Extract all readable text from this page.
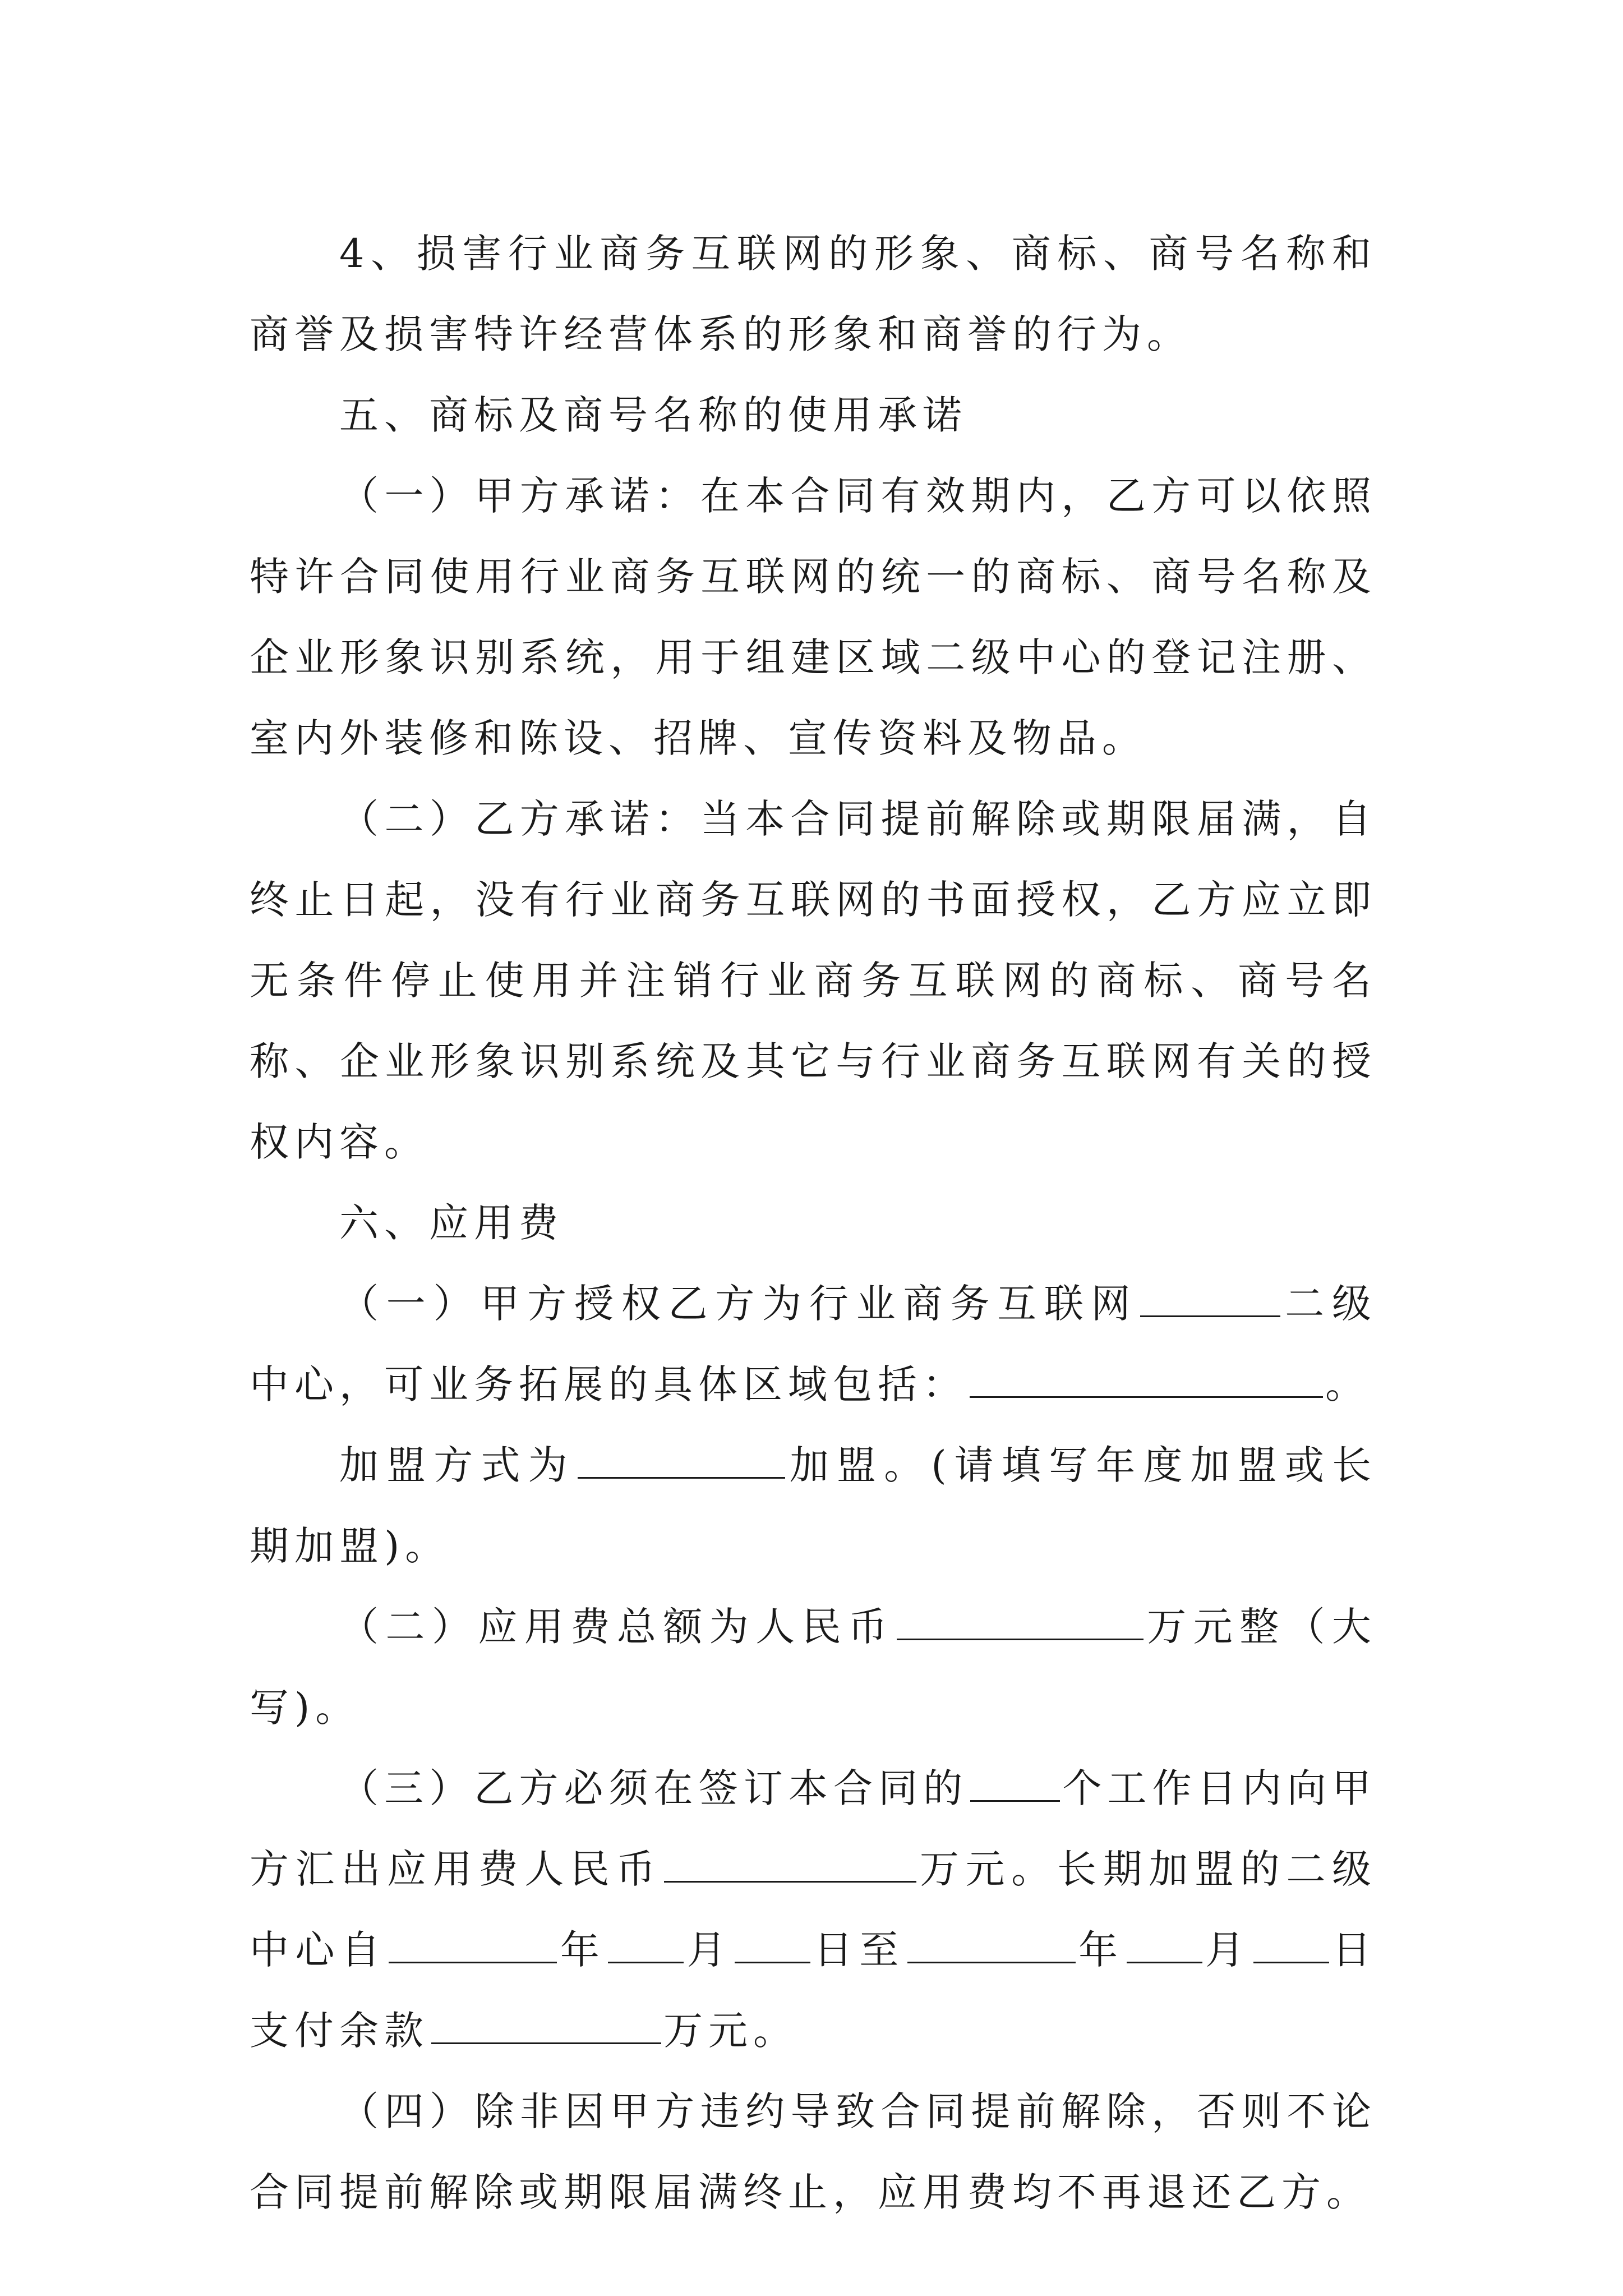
4、损害行业商务互联网的形象、商标、商号名称和商誉及损害特许经营体系的形象和商誉的行为。

五、商标及商号名称的使用承诺

（一）甲方承诺：在本合同有效期内，乙方可以依照特许合同使用行业商务互联网的统一的商标、商号名称及企业形象识别系统，用于组建区域二级中心的登记注册、室内外装修和陈设、招牌、宣传资料及物品。

（二）乙方承诺：当本合同提前解除或期限届满，自终止日起，没有行业商务互联网的书面授权，乙方应立即无条件停止使用并注销行业商务互联网的商标、商号名称、企业形象识别系统及其它与行业商务互联网有关的授权内容。

六、应用费

（一）甲方授权乙方为行业商务互联网	二级中心，可业务拓展的具体区域包括：	。

加盟方式为	加盟。(请填写年度加盟或长期加盟)。

（二）应用费总额为人民币	万元整（大写)。

（三）乙方必须在签订本合同的 个工作日内向甲方汇出应用费人民币	万元。长期加盟的二级中心自	年 月 日至	年 月 日支付余款	万元。

（四）除非因甲方违约导致合同提前解除，否则不论合同提前解除或期限届满终止，应用费均不再退还乙方。
